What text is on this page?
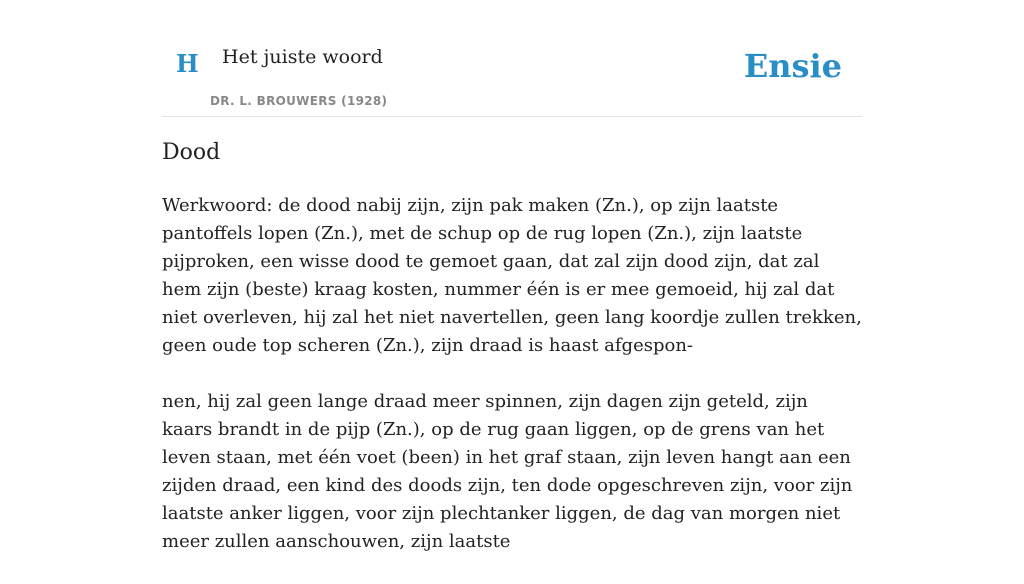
H Het juiste woord
DR. L. BROUWERS (1928)
Ensie
Dood

Werkwoord: de dood nabij zijn, zijn pak maken (Zn.), op zijn laatste pantoffels lopen (Zn.), met de schup op de rug lopen (Zn.), zijn laatste pijproken, een wisse dood te gemoet gaan, dat zal zijn dood zijn, dat zal hem zijn (beste) kraag kosten, nummer één is er mee gemoeid, hij zal dat niet overleven, hij zal het niet navertellen, geen lang koordje zullen trekken, geen oude top scheren (Zn.), zijn draad is haast afgespon-

nen, hij zal geen lange draad meer spinnen, zijn dagen zijn geteld, zijn kaars brandt in de pijp (Zn.), op de rug gaan liggen, op de grens van het leven staan, met één voet (been) in het graf staan, zijn leven hangt aan een zijden draad, een kind des doods zijn, ten dode opgeschreven zijn, voor zijn laatste anker liggen, voor zijn plechtanker liggen, de dag van morgen niet meer zullen aanschouwen, zijn laatste
